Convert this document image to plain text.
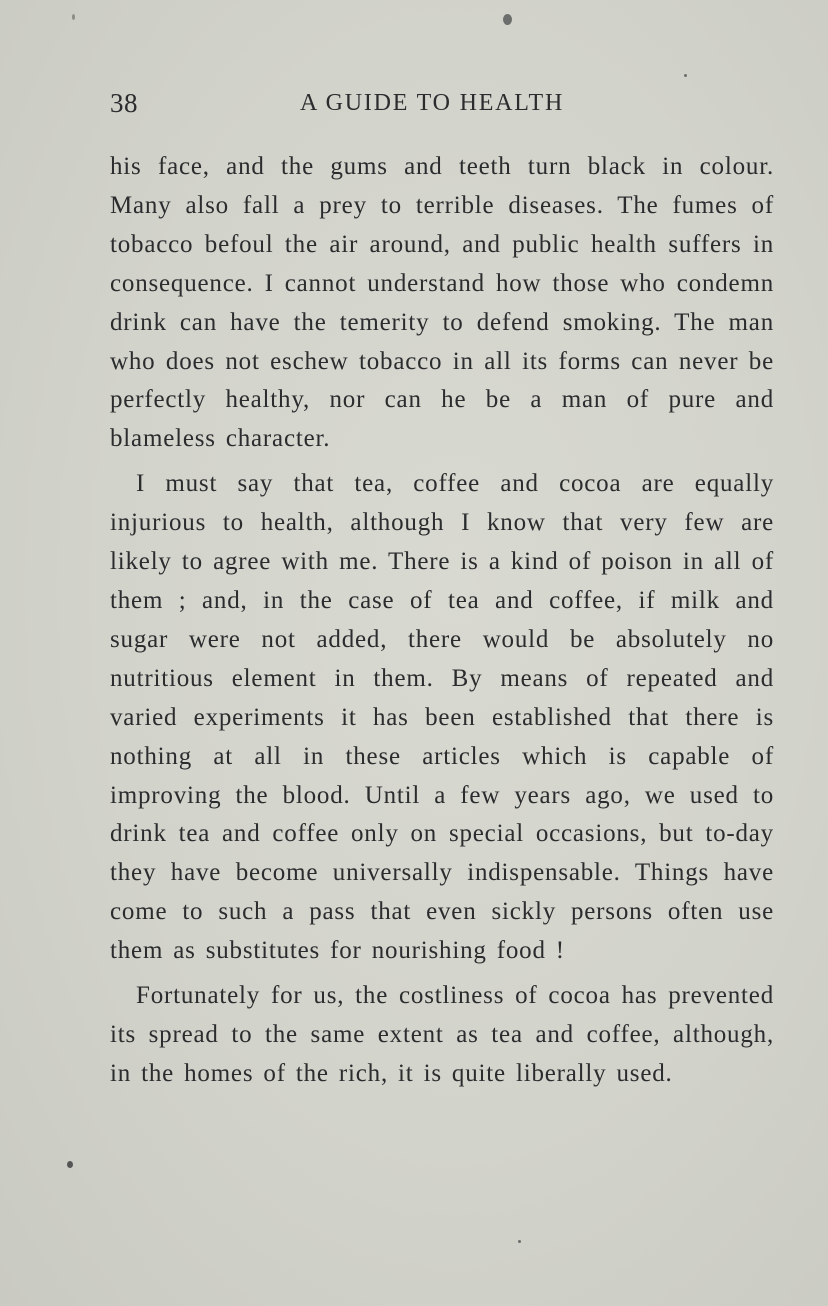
38	A GUIDE TO HEALTH

his face, and the gums and teeth turn black in colour. Many also fall a prey to terrible diseases. The fumes of tobacco befoul the air around, and public health suffers in consequence. I cannot understand how those who condemn drink can have the temerity to defend smoking. The man who does not eschew tobacco in all its forms can never be perfectly healthy, nor can he be a man of pure and blameless character.

I must say that tea, coffee and cocoa are equally injurious to health, although I know that very few are likely to agree with me. There is a kind of poison in all of them ; and, in the case of tea and coffee, if milk and sugar were not added, there would be absolutely no nutritious element in them. By means of repeated and varied experiments it has been established that there is nothing at all in these articles which is capable of improving the blood. Until a few years ago, we used to drink tea and coffee only on special occasions, but to-day they have become universally indispensable. Things have come to such a pass that even sickly persons often use them as substitutes for nourishing food !

Fortunately for us, the costliness of cocoa has prevented its spread to the same extent as tea and coffee, although, in the homes of the rich, it is quite liberally used.
